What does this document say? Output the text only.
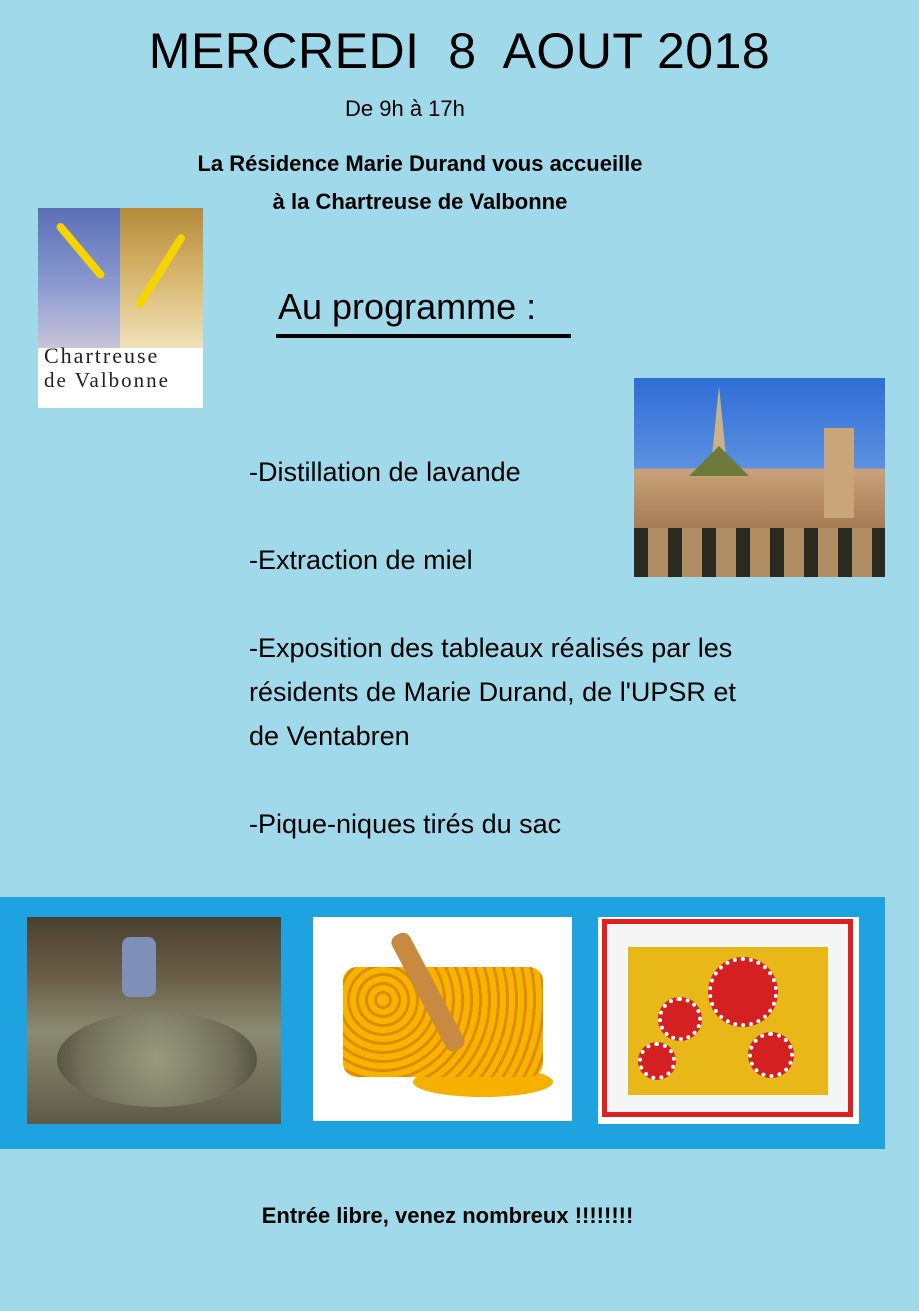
MERCREDI  8  AOUT 2018
De 9h à 17h
La Résidence Marie Durand vous accueille
à la Chartreuse de Valbonne
Chartreuse
de Valbonne
Au programme :

-Distillation de lavande

-Extraction de miel

-Exposition des tableaux réalisés par les résidents de Marie Durand, de l'UPSR et de Ventabren

-Pique-niques tirés du sac

Entrée libre, venez nombreux !!!!!!!!
